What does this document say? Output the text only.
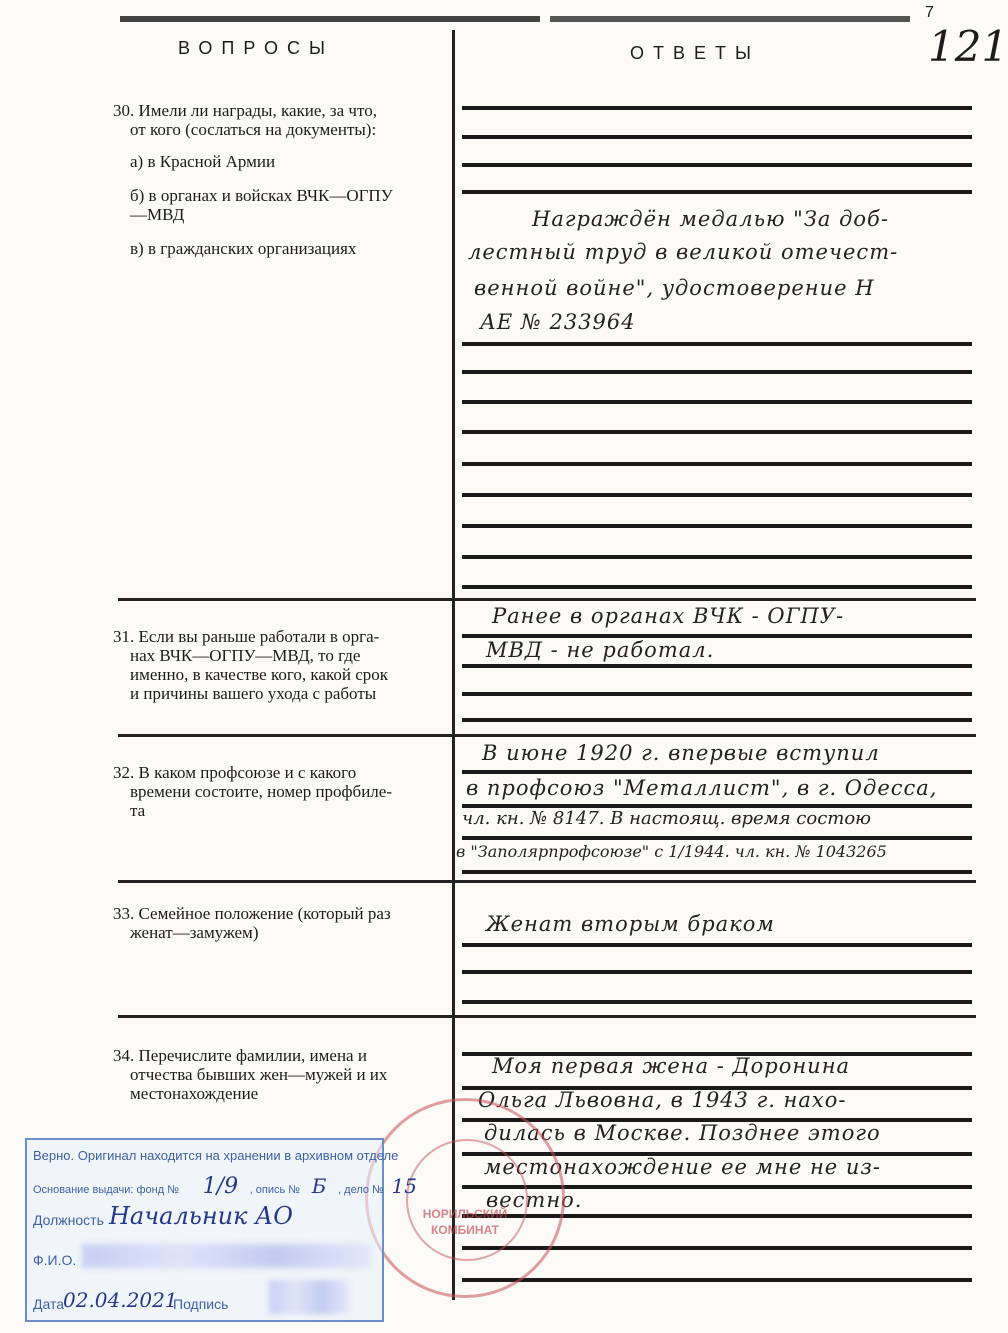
7
121
ВОПРОСЫ	ОТВЕТЫ
30. Имели ли награды, какие, за что,
от кого (сослаться на документы):
а) в Красной Армии
б) в органах и войсках ВЧК—ОГПУ
—МВД
в) в гражданских организациях
Награждён медалью "За доб-
лестный труд в великой отечест-
венной войне", удостоверение Н
АЕ № 233964
31. Если вы раньше работали в орга-
нах ВЧК—ОГПУ—МВД, то где
именно, в качестве кого, какой срок
и причины вашего ухода с работы
Ранее в органах ВЧК - ОГПУ-
МВД - не работал.
32. В каком профсоюзе и с какого
времени состоите, номер профбиле-
та
В июне 1920 г. впервые вступил
в профсоюз "Металлист", в г. Одесса,
чл. кн. № 8147. В настоящ. время состою
в "Заполярпрофсоюзе" с 1/1944. чл. кн. № 1043265
33. Семейное положение (который раз
женат—замужем)	Женат вторым браком
34. Перечислите фамилии, имена и
отчества бывших жен—мужей и их
местонахождение
Моя первая жена - Доронина
Ольга Львовна, в 1943 г. нахо-
дилась в Москве. Позднее этого
местонахождение ее мне не из-
вестно.
НОРИЛЬСКИЙ
КОМБИНАТ
Верно. Оригинал находится на хранении в архивном отделе
Основание выдачи: фонд № 1/9 , опись № Б , дело № 15
Должность Начальник АО
Ф.И.О.
Дата
02.04.2021
Подпись
